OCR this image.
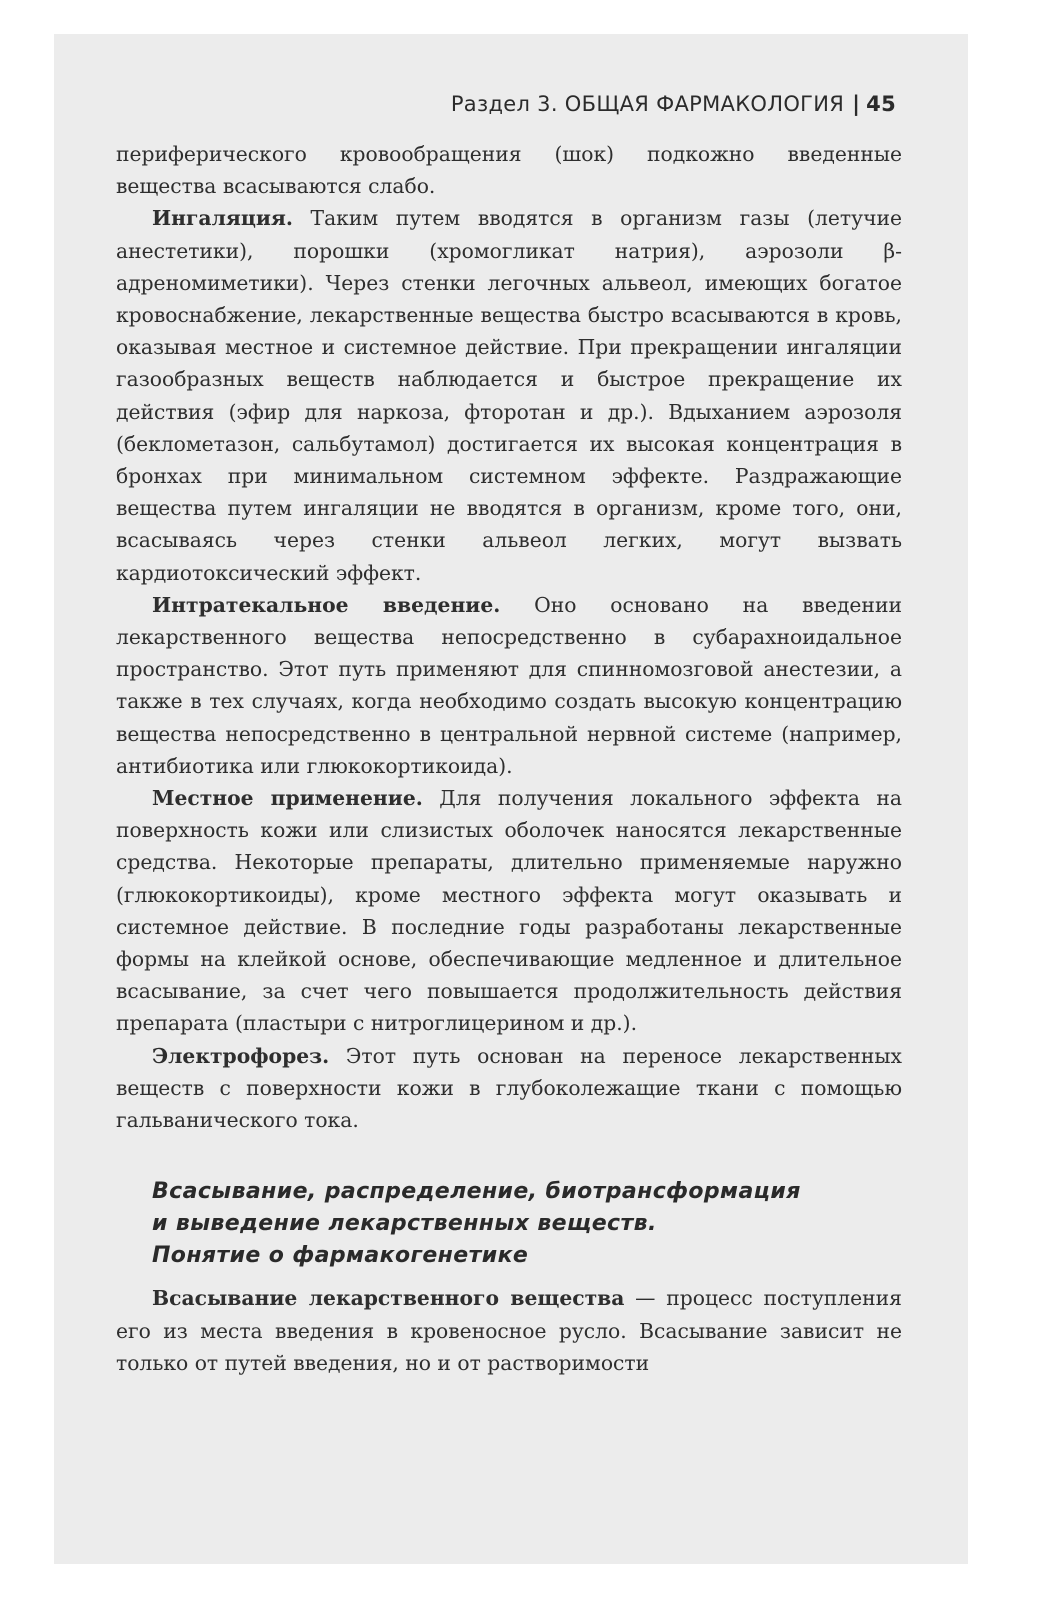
Раздел 3. ОБЩАЯ ФАРМАКОЛОГИЯ | 45

периферического кровообращения (шок) подкожно введенные вещества всасываются слабо.

Ингаляция. Таким путем вводятся в организм газы (летучие анестетики), порошки (хромогликат натрия), аэрозоли β-адреномиметики). Через стенки легочных альвеол, имеющих богатое кровоснабжение, лекарственные вещества быстро всасываются в кровь, оказывая местное и системное действие. При прекращении ингаляции газообразных веществ наблюдается и быстрое прекращение их действия (эфир для наркоза, фторотан и др.). Вдыханием аэрозоля (беклометазон, сальбутамол) достигается их высокая концентрация в бронхах при минимальном системном эффекте. Раздражающие вещества путем ингаляции не вводятся в организм, кроме того, они, всасываясь через стенки альвеол легких, могут вызвать кардиотоксический эффект.

Интратекальное введение. Оно основано на введении лекарственного вещества непосредственно в субарахноидальное пространство. Этот путь применяют для спинномозговой анестезии, а также в тех случаях, когда необходимо создать высокую концентрацию вещества непосредственно в центральной нервной системе (например, антибиотика или глюкокортикоида).

Местное применение. Для получения локального эффекта на поверхность кожи или слизистых оболочек наносятся лекарственные средства. Некоторые препараты, длительно применяемые наружно (глюкокортикоиды), кроме местного эффекта могут оказывать и системное действие. В последние годы разработаны лекарственные формы на клейкой основе, обеспечивающие медленное и длительное всасывание, за счет чего повышается продолжительность действия препарата (пластыри с нитроглицерином и др.).

Электрофорез. Этот путь основан на переносе лекарственных веществ с поверхности кожи в глубоколежащие ткани с помощью гальванического тока.

Всасывание, распределение, биотрансформация
и выведение лекарственных веществ.
Понятие о фармакогенетике

Всасывание лекарственного вещества — процесс поступления его из места введения в кровеносное русло. Всасывание зависит не только от путей введения, но и от растворимости
